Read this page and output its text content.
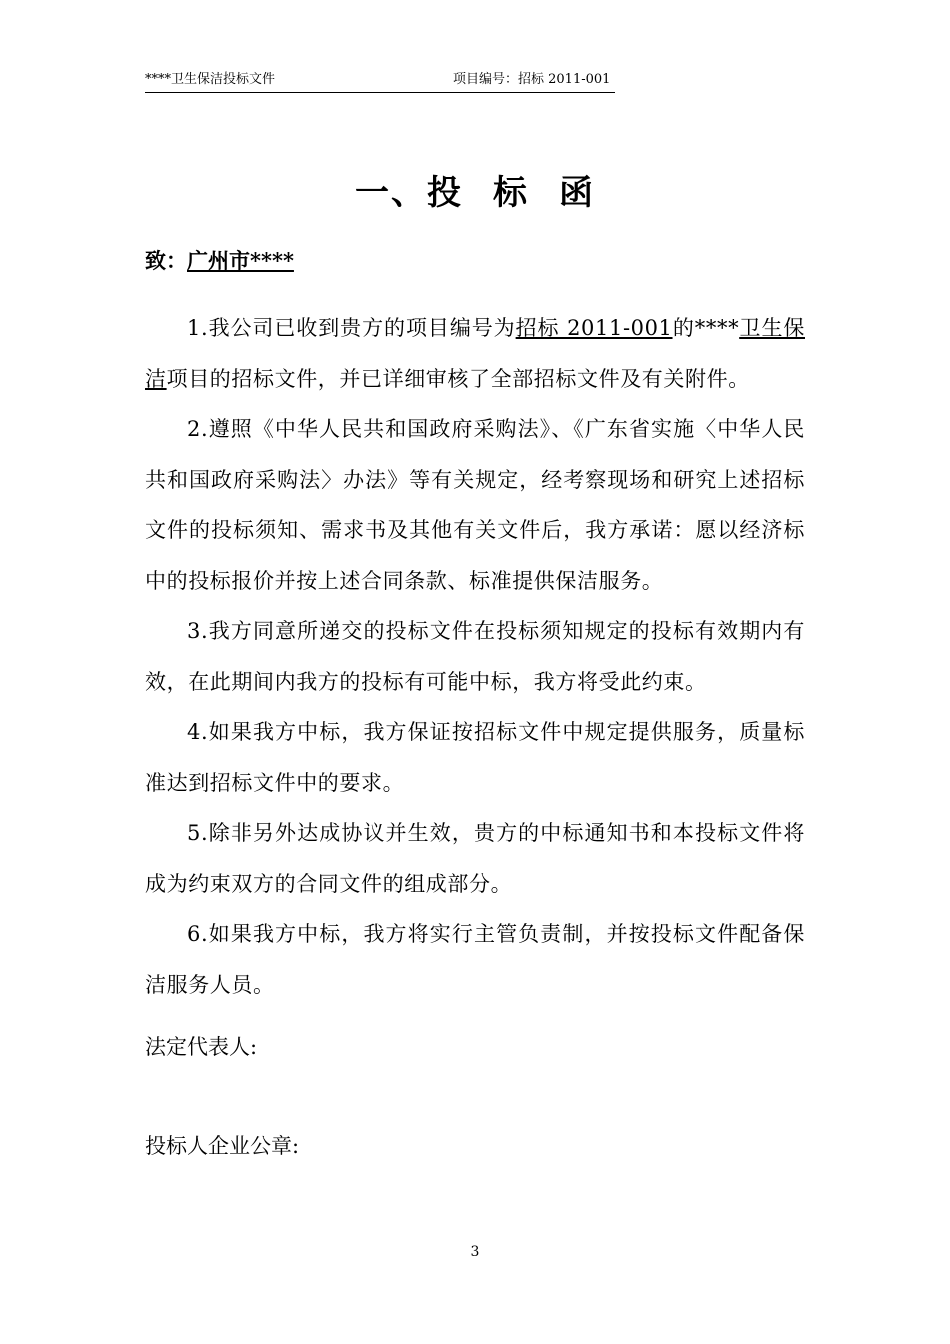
****卫生保洁投标文件	项目编号：招标 2011-001
一、投 标 函
致：广州市****

1.我公司已收到贵方的项目编号为招标 2011-001的****卫生保洁项目的招标文件，并已详细审核了全部招标文件及有关附件。

2.遵照《中华人民共和国政府采购法》、《广东省实施〈中华人民共和国政府采购法〉办法》等有关规定，经考察现场和研究上述招标文件的投标须知、需求书及其他有关文件后，我方承诺：愿以经济标中的投标报价并按上述合同条款、标准提供保洁服务。

3.我方同意所递交的投标文件在投标须知规定的投标有效期内有效，在此期间内我方的投标有可能中标，我方将受此约束。

4.如果我方中标，我方保证按招标文件中规定提供服务，质量标准达到招标文件中的要求。

5.除非另外达成协议并生效，贵方的中标通知书和本投标文件将成为约束双方的合同文件的组成部分。

6.如果我方中标，我方将实行主管负责制，并按投标文件配备保洁服务人员。

法定代表人:
投标人企业公章:
3
